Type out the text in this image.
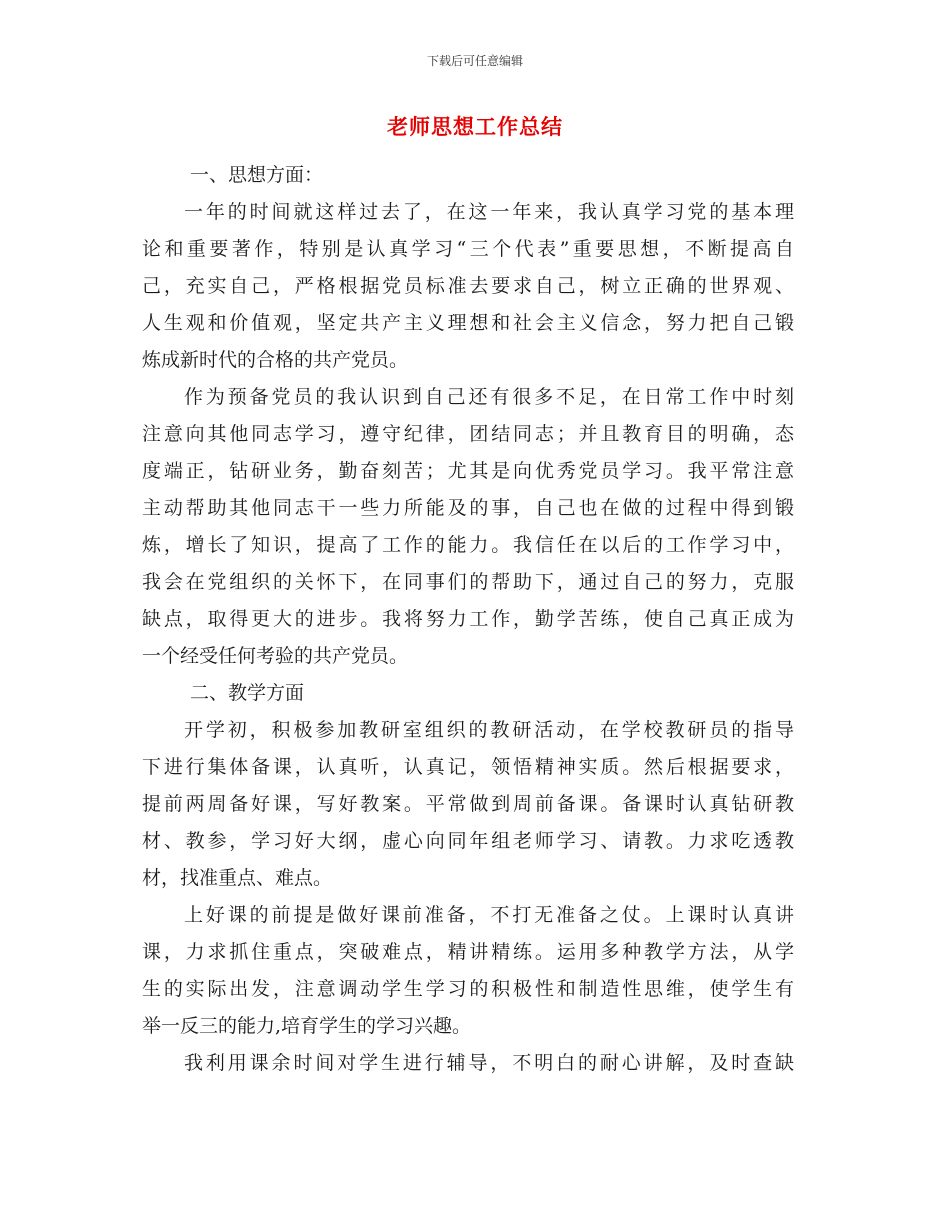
下载后可任意编辑
老师思想工作总结

一、思想方面：

一年的时间就这样过去了，在这一年来，我认真学习党的基本理
论和重要著作，特别是认真学习“三个代表”重要思想，不断提高自
己，充实自己，严格根据党员标准去要求自己，树立正确的世界观、
人生观和价值观，坚定共产主义理想和社会主义信念，努力把自己锻
炼成新时代的合格的共产党员。

作为预备党员的我认识到自己还有很多不足，在日常工作中时刻
注意向其他同志学习，遵守纪律，团结同志；并且教育目的明确，态
度端正，钻研业务，勤奋刻苦；尤其是向优秀党员学习。我平常注意
主动帮助其他同志干一些力所能及的事，自己也在做的过程中得到锻
炼，增长了知识，提高了工作的能力。我信任在以后的工作学习中，
我会在党组织的关怀下，在同事们的帮助下，通过自己的努力，克服
缺点，取得更大的进步。我将努力工作，勤学苦练，使自己真正成为
一个经受任何考验的共产党员。

二、教学方面

开学初，积极参加教研室组织的教研活动，在学校教研员的指导
下进行集体备课，认真听，认真记，领悟精神实质。然后根据要求，
提前两周备好课，写好教案。平常做到周前备课。备课时认真钻研教
材、教参，学习好大纲，虚心向同年组老师学习、请教。力求吃透教
材，找准重点、难点。

上好课的前提是做好课前准备，不打无准备之仗。上课时认真讲
课，力求抓住重点，突破难点，精讲精练。运用多种教学方法，从学
生的实际出发，注意调动学生学习的积极性和制造性思维，使学生有
举一反三的能力,培育学生的学习兴趣。

我利用课余时间对学生进行辅导，不明白的耐心讲解，及时查缺
